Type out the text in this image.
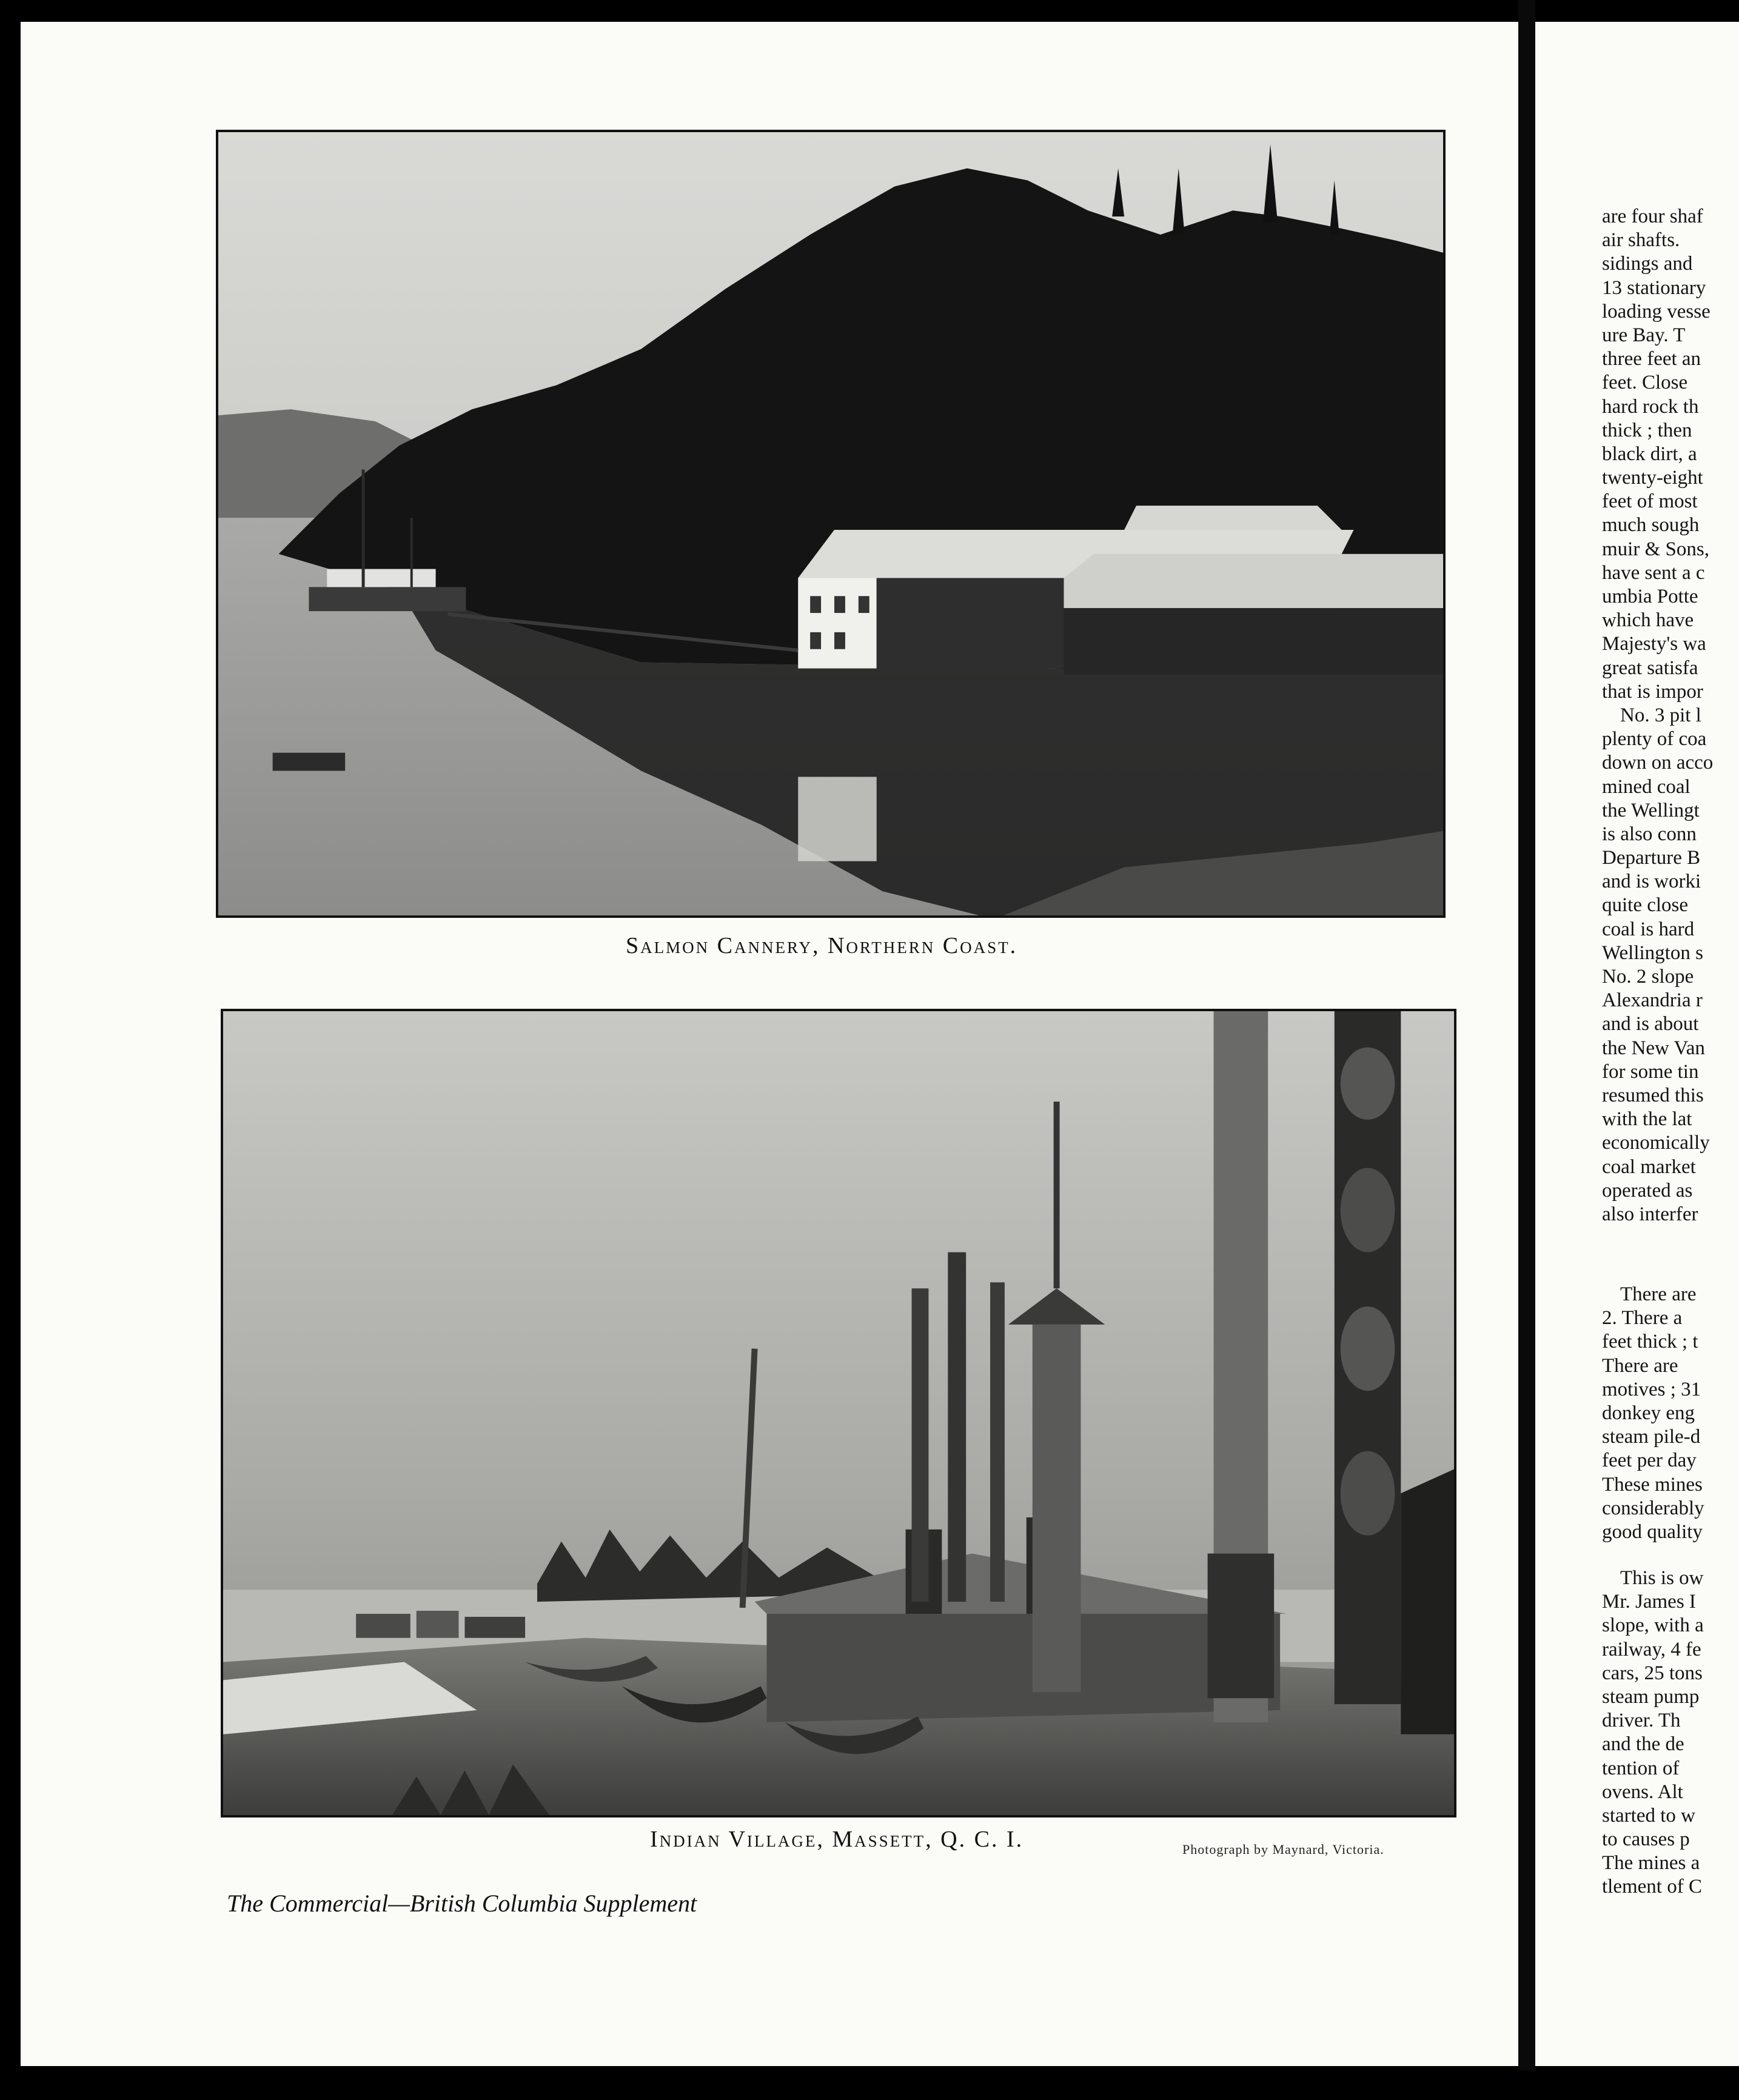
Salmon Cannery, Northern Coast.
Indian Village, Massett, Q. C. I.	Photograph by Maynard, Victoria.
The Commercial—British Columbia Supplement
are four shaf
air shafts.
sidings and
13 stationary
loading vesse
ure Bay. T
three feet an
feet. Close
hard rock th
thick ; then
black dirt, a
twenty-eight
feet of most
much sough
muir & Sons,
have sent a c
umbia Potte
which have
Majesty's wa
great satisfa
that is impor
No. 3 pit l
plenty of coa
down on acco
mined coal
the Wellingt
is also conn
Departure B
and is worki
quite close
coal is hard
Wellington s
No. 2 slope
Alexandria r
and is about
the New Van
for some tin
resumed this
with the lat
economically
coal market
operated as
also interfer
There are
2. There a
feet thick ; t
There are
motives ; 31
donkey eng
steam pile-d
feet per day
These mines
considerably
good quality
This is ow
Mr. James I
slope, with a
railway, 4 fe
cars, 25 tons
steam pump
driver. Th
and the de
tention of
ovens. Alt
started to w
to causes p
The mines a
tlement of C
